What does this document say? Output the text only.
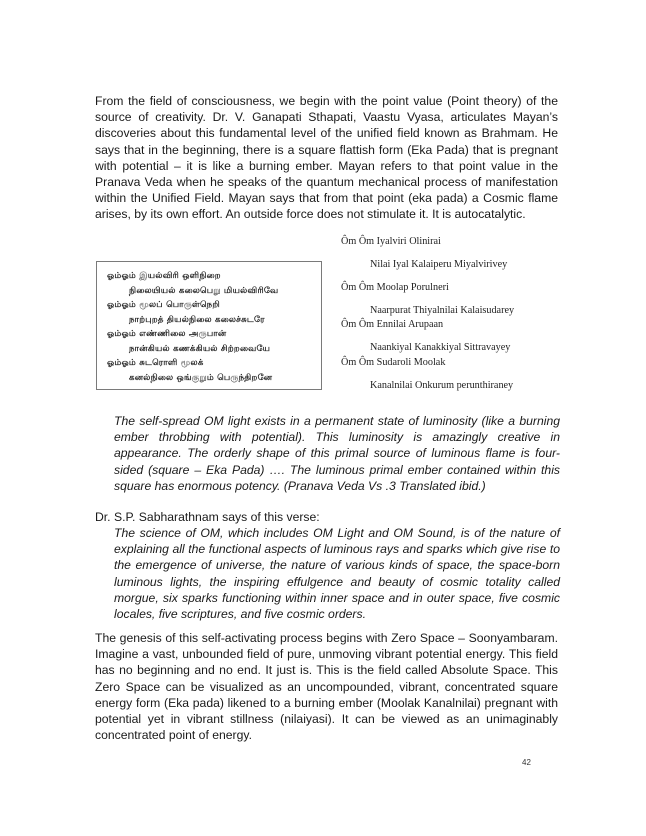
From the field of consciousness, we begin with the point value (Point theory) of the source of creativity. Dr. V. Ganapati Sthapati, Vaastu Vyasa, articulates Mayan’s discoveries about this fundamental level of the unified field known as Brahmam. He says that in the beginning, there is a square flattish form (Eka Pada) that is pregnant with potential – it is like a burning ember. Mayan refers to that point value in the Pranava Veda when he speaks of the quantum mechanical process of manifestation within the Unified Field. Mayan says that from that point (eka pada) a Cosmic flame arises, by its own effort. An outside force does not stimulate it. It is autocatalytic.

ஓம்ஓம் இயல்விரி ஒளிநிறை
நிலையியல் கலைபெறு மியல்விரிவே
ஓம்ஓம் மூலப் பொருள்நெறி
நாற்புறத் தியல்நிலை கலைச்சுடரே
ஓம்ஓம் எண்ணிலை அருபான்
நான்கியல் கணக்கியல் சிற்றவையே
ஓம்ஓம் சுடரொளி மூலக்
கனல்நிலை ஒங்குறும் பெருந்திறனே
Ôm Ôm Iyalviri Olinirai
Nilai Iyal Kalaiperu Miyalvirivey
Ôm Ôm Moolap Porulneri
Naarpurat Thiyalnilai Kalaisudarey
Ôm Ôm Ennilai Arupaan
Naankiyal Kanakkiyal Sittravayey
Ôm Ôm Sudaroli Moolak
Kanalnilai Onkurum perunthiraney

The self-spread OM light exists in a permanent state of luminosity (like a burning ember throbbing with potential). This luminosity is amazingly creative in appearance. The orderly shape of this primal source of luminous flame is four-sided (square – Eka Pada) …. The luminous primal ember contained within this square has enormous potency. (Pranava Veda Vs .3 Translated ibid.)

Dr. S.P. Sabharathnam says of this verse:

The science of OM, which includes OM Light and OM Sound, is of the nature of explaining all the functional aspects of luminous rays and sparks which give rise to the emergence of universe, the nature of various kinds of space, the space-born luminous lights, the inspiring effulgence and beauty of cosmic totality called morgue, six sparks functioning within inner space and in outer space, five cosmic locales, five scriptures, and five cosmic orders.

The genesis of this self-activating process begins with Zero Space – Soonyambaram. Imagine a vast, unbounded field of pure, unmoving vibrant potential energy. This field has no beginning and no end. It just is. This is the field called Absolute Space. This Zero Space can be visualized as an uncompounded, vibrant, concentrated square energy form (Eka pada) likened to a burning ember (Moolak Kanalnilai) pregnant with potential yet in vibrant stillness (nilaiyasi). It can be viewed as an unimaginably concentrated point of energy.

42
